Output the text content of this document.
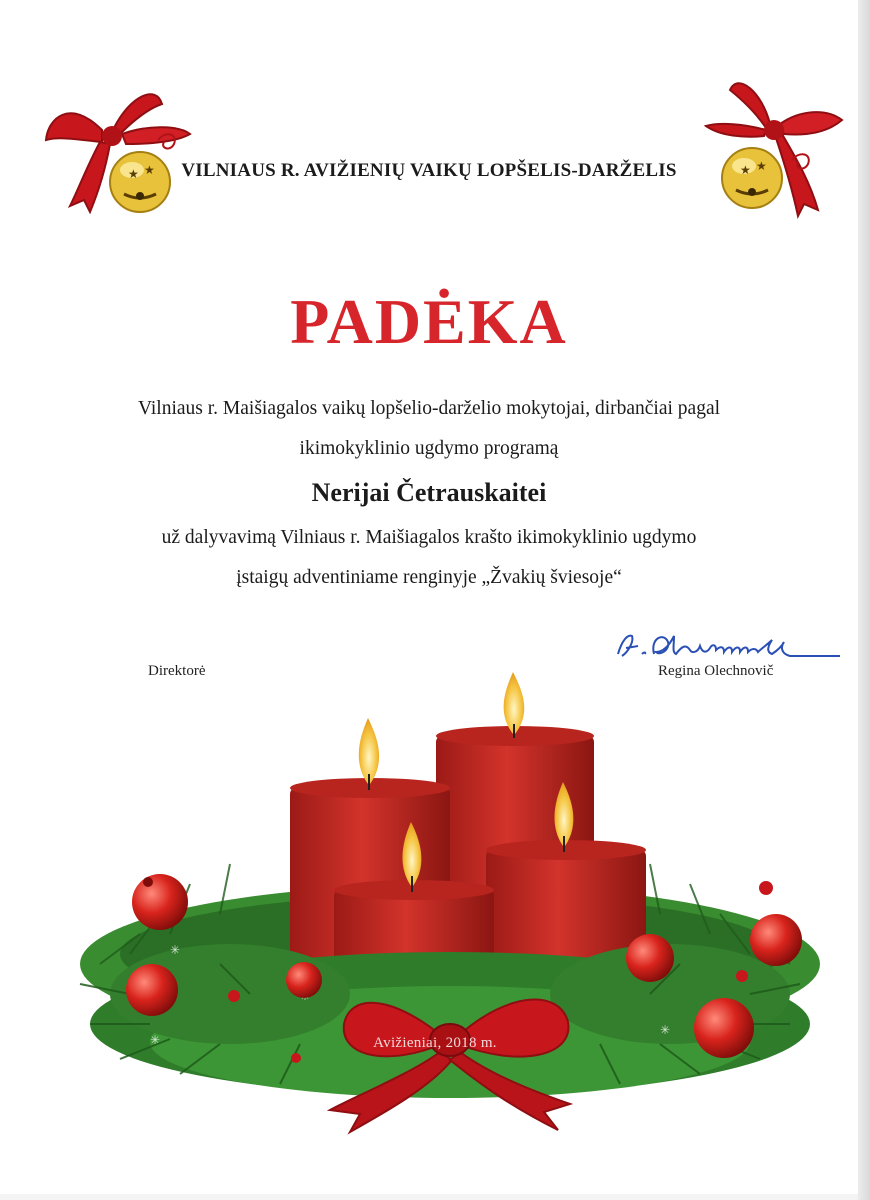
★ ★	★ ★
VILNIAUS R. AVIŽIENIŲ VAIKŲ LOPŠELIS-DARŽELIS
PADĖKA
Vilniaus r. Maišiagalos vaikų lopšelio-darželio mokytojai, dirbančiai pagal
ikimokyklinio ugdymo programą
Nerijai Četrauskaitei
už dalyvavimą Vilniaus r. Maišiagalos krašto ikimokyklinio ugdymo
įstaigų adventiniame renginyje „Žvakių šviesoje“
Direktorė	Regina Olechnovič
✳
✳
✳
✳
✳	Avižieniai, 2018 m.
